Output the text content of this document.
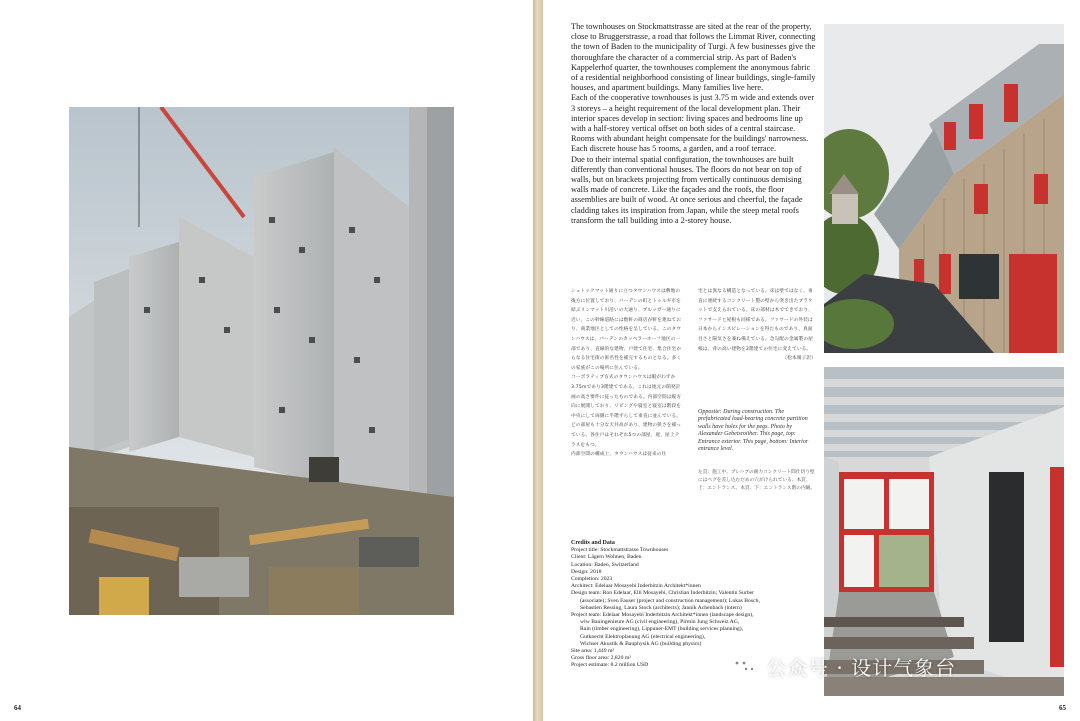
64

The townhouses on Stockmattstrasse are sited at the rear of the property, close to Bruggerstrasse, a road that follows the Limmat River, connecting the town of Baden to the municipality of Turgi. A few businesses give the thoroughfare the character of a commercial strip. As part of Baden's Kappelerhof quarter, the townhouses complement the anonymous fabric of a residential neighborhood consisting of linear buildings, single-family houses, and apartment buildings. Many families live here.

Each of the cooperative townhouses is just 3.75 m wide and extends over 3 storeys – a height requirement of the local development plan. Their interior spaces develop in section: living spaces and bedrooms line up with a half-storey vertical offset on both sides of a central staircase. Rooms with abundant height compensate for the buildings' narrowness. Each discrete house has 5 rooms, a garden, and a roof terrace.

Due to their internal spatial configuration, the townhouses are built differently than conventional houses. The floors do not bear on top of walls, but on brackets projecting from vertically continuous demising walls made of concrete. Like the façades and the roofs, the floor assemblies are built of wood. At once serious and cheerful, the façade cladding takes its inspiration from Japan, while the steep metal roofs transform the tall building into a 2-storey house.

シュトックマット通りに立つタウンハウスは敷地の後方に位置しており、バーデンの町とトゥルギ市を結ぶリンマット川沿いの大通り、ブルッガー通りに近い。この幹線道路には数軒の商店が軒を連ねており、商業地区としての性格を呈している。このタウンハウスは、バーデンのカッペラーホーフ地区の一部であり、直線的な建物、戸建て住宅、集合住宅からなる住宅街の匿名性を補完するものとなる。多くの家族がこの場所に住んでいる。

コーポラティブ方式のタウンハウスは幅がわずか3.75mであり3階建てである。これは地元の開発計画の高さ要件に従ったものである。内部空間は縦方向に展開しており、リビングや寝室と寝室は階段を中央にして両側に半階ずらして垂直に並んでいる。どの部屋も十分な天井高があり、建物の狭さを補っている。各住戸はそれぞれ5つの部屋、庭、屋上テラスをもつ。

内部空間の構成上、タウンハウスは従来の住

宅とは異なる構造となっている。床は壁ではなく、垂直に連続するコンクリート製の壁から突き出たブラケットで支えられている。床の部材は木でできており、ファサードと屋根も同様である。ファサードの外装は日本からインスピレーションを得たものであり、真面目さと陽気さを兼ね備えている。急勾配の金属製の屋根は、背の高い建物を2階建ての住宅に変えている。

（松本晴子訳）

Opposite: During construction. The prefabricated load-bearing concrete partition walls have holes for the pegs. Photo by Alexander Gebetsroither. This page, top: Entrance exterior. This page, bottom: Interior entrance level.
左頁：施工中。プレハブの耐力コンクリート間仕切り壁にはペグを差し込むだめの穴がけられている。本頁、上：エントランス。本頁、下：エントランス階の内観。
Credits and Data
Project title: Stockmattstrasse Townhouses
Client: Lägern Wohnen, Baden
Location: Baden, Switzerland
Design: 2018
Completion: 2023
Architect: Edelaar Mosayebi Inderbitzin Architekt*innen
Design team: Ron Edelaar, Elli Mosayebi, Christian Inderbitzin; Valentin Surber
(associate); Sven Fauser (project and construction management); Lukas Bosch,
Sebastien Ressing, Laura Stock (architects); Jannik Achenbach (intern)
Project team: Edelaar Mosayebi Inderbitzin Architekt*innen (landscape design),
wlw Bauingenieure AG (civil engineering), Pirmin Jung Schweiz AG,
Rain (timber engineering), Lippuner-EMT (building services planning),
Gutknecht Elektroplanung AG (electrical engineering),
Wichser Akustik & Bauphysik AG (building physics)
Site area: 1,449 m²
Gross floor area: 2,820 m²
Project estimate: 8.2 million USD	公众号 · 设计气象台
65
